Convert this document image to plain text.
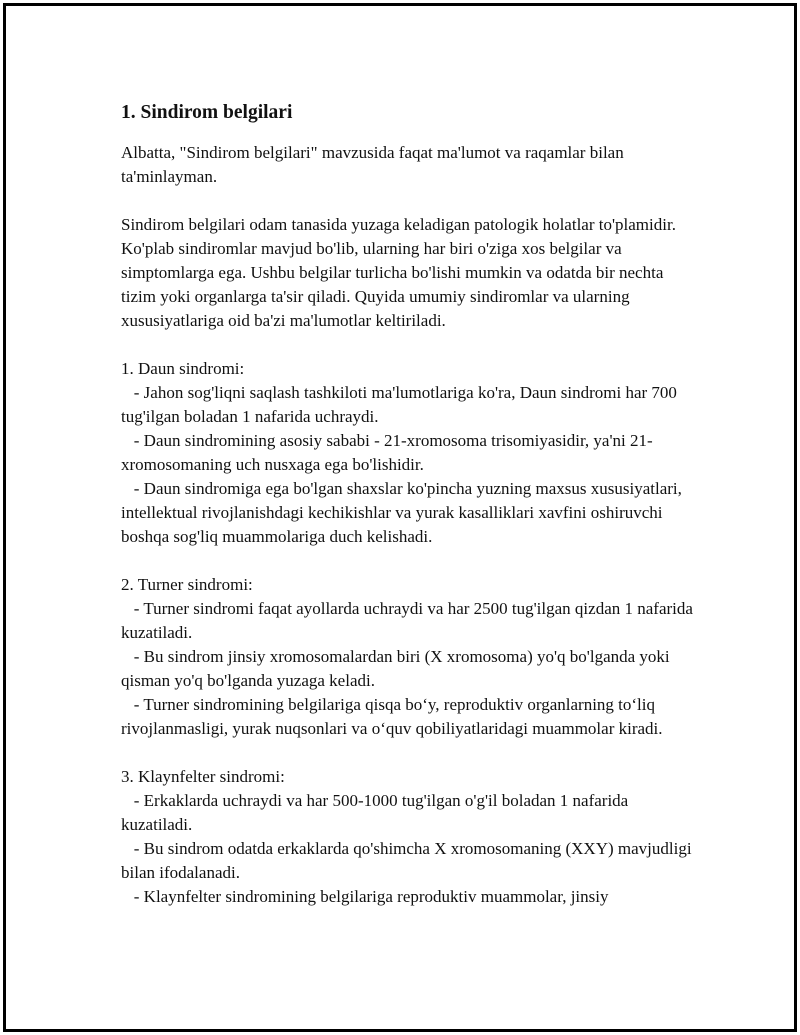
1. Sindirom belgilari

Albatta, "Sindirom belgilari" mavzusida faqat ma'lumot va raqamlar bilan ta'minlayman.

Sindirom belgilari odam tanasida yuzaga keladigan patologik holatlar to'plamidir. Ko'plab sindiromlar mavjud bo'lib, ularning har biri o'ziga xos belgilar va simptomlarga ega. Ushbu belgilar turlicha bo'lishi mumkin va odatda bir nechta tizim yoki organlarga ta'sir qiladi. Quyida umumiy sindiromlar va ularning xususiyatlariga oid ba'zi ma'lumotlar keltiriladi.

1. Daun sindromi:

- Jahon sog'liqni saqlash tashkiloti ma'lumotlariga ko'ra, Daun sindromi har 700 tug'ilgan boladan 1 nafarida uchraydi.

- Daun sindromining asosiy sababi - 21-xromosoma trisomiyasidir, ya'ni 21-xromosomaning uch nusxaga ega bo'lishidir.

- Daun sindromiga ega bo'lgan shaxslar ko'pincha yuzning maxsus xususiyatlari, intellektual rivojlanishdagi kechikishlar va yurak kasalliklari xavfini oshiruvchi boshqa sog'liq muammolariga duch kelishadi.

2. Turner sindromi:

- Turner sindromi faqat ayollarda uchraydi va har 2500 tug'ilgan qizdan 1 nafarida kuzatiladi.

- Bu sindrom jinsiy xromosomalardan biri (X xromosoma) yo'q bo'lganda yoki qisman yo'q bo'lganda yuzaga keladi.

- Turner sindromining belgilariga qisqa bo‘y, reproduktiv organlarning to‘liq rivojlanmasligi, yurak nuqsonlari va o‘quv qobiliyatlaridagi muammolar kiradi.

3. Klaynfelter sindromi:

- Erkaklarda uchraydi va har 500-1000 tug'ilgan o'g'il boladan 1 nafarida kuzatiladi.

- Bu sindrom odatda erkaklarda qo'shimcha X xromosomaning (XXY) mavjudligi bilan ifodalanadi.

- Klaynfelter sindromining belgilariga reproduktiv muammolar, jinsiy
